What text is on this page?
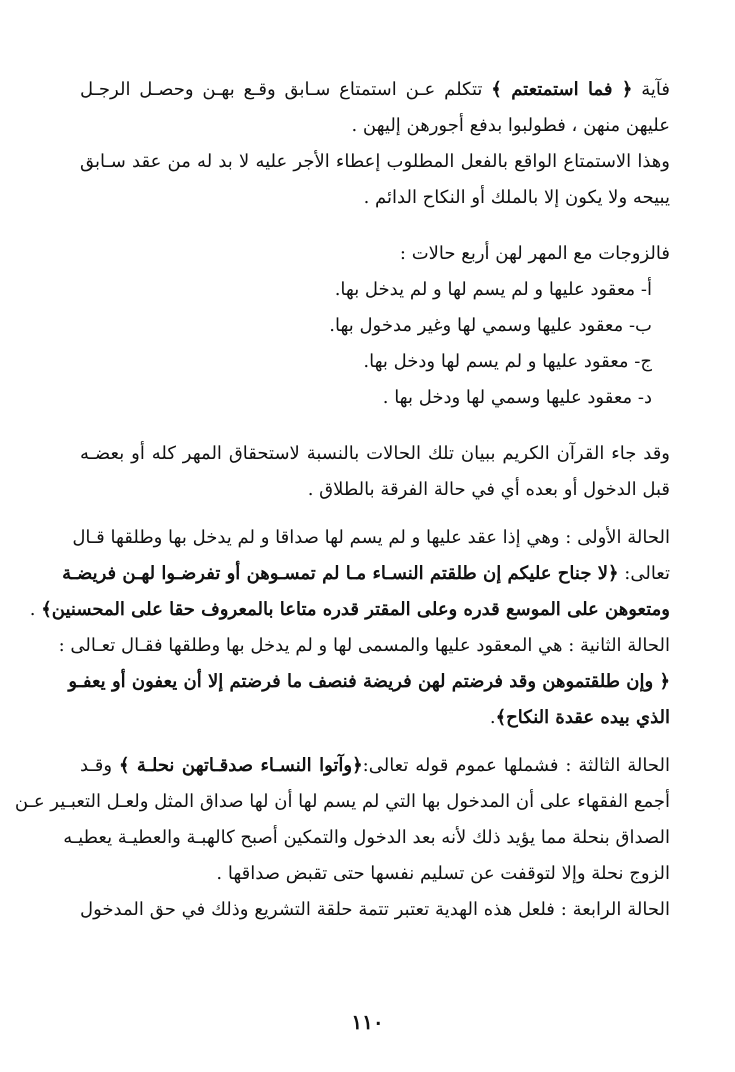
فآية ﴿ فما استمتعتم ﴾ تتكلم عـن استمتاع سـابق وقـع بهـن وحصـل الرجـل
عليهن منهن ، فطولبوا بدفع أجورهن إليهن .
وهذا الاستمتاع الواقع بالفعل المطلوب إعطاء الأجر عليه لا بد له من عقد سـابق
يبيحه ولا يكون إلا بالملك أو النكاح الدائم .
فالزوجات مع المهر لهن أربع حالات :
أ- معقود عليها و لم يسم لها و لم يدخل بها.
ب- معقود عليها وسمي لها وغير مدخول بها.
ج- معقود عليها و لم يسم لها ودخل بها.
د- معقود عليها وسمي لها ودخل بها .
وقد جاء القرآن الكريم ببيان تلك الحالات بالنسبة لاستحقاق المهر كله أو بعضـه
قبل الدخول أو بعده أي في حالة الفرقة بالطلاق .
الحالة الأولى : وهي إذا عقد عليها و لم يسم لها صداقا و لم يدخل بها وطلقها قـال
تعالى: ﴿لا جناح عليكم إن طلقتم النسـاء مـا لم تمسـوهن أو تفرضـوا لهـن فريضـة
ومتعوهن على الموسع قدره وعلى المقتر قدره متاعا بالمعروف حقا على المحسنين﴾ .
الحالة الثانية : هي المعقود عليها والمسمى لها و لم يدخل بها وطلقها فقـال تعـالى :
﴿ وإن طلقتموهن وقد فرضتم لهن فريضة فنصف ما فرضتم إلا أن يعفون أو يعفـو
الذي بيده عقدة النكاح﴾.
الحالة الثالثة : فشملها عموم قوله تعالى:﴿وآتوا النسـاء صدقـاتهن نحلـة ﴾ وقـد
أجمع الفقهاء على أن المدخول بها التي لم يسم لها أن لها صداق المثل ولعـل التعبـير عـن
الصداق بنحلة مما يؤيد ذلك لأنه بعد الدخول والتمكين أصبح كالهبـة والعطيـة يعطيـه
الزوج نحلة وإلا لتوقفت عن تسليم نفسها حتى تقبض صداقها .
الحالة الرابعة : فلعل هذه الهدية تعتبر تتمة حلقة التشريع وذلك في حق المدخول
١١٠
